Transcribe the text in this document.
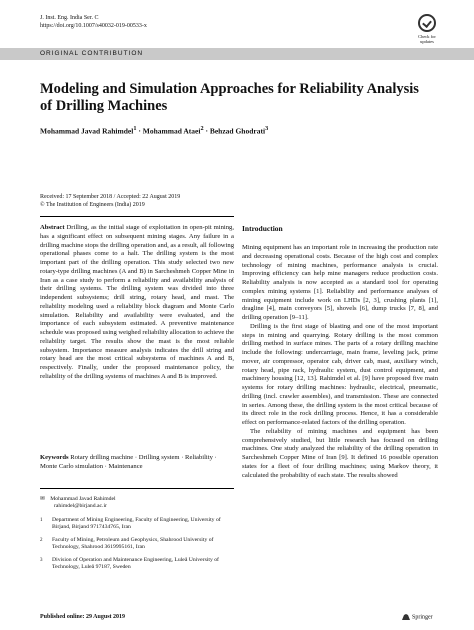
J. Inst. Eng. India Ser. C
https://doi.org/10.1007/s40032-019-00533-x
Check for updates
ORIGINAL CONTRIBUTION
Modeling and Simulation Approaches for Reliability Analysis of Drilling Machines
Mohammad Javad Rahimdel$^1$ · Mohammad Ataei$^2$ · Behzad Ghodrati$^3$
Received: 17 September 2018 / Accepted: 22 August 2019
© The Institution of Engineers (India) 2019
Abstract Drilling, as the initial stage of exploitation in open-pit mining, has a significant effect on subsequent mining stages. Any failure in a drilling machine stops the drilling operation and, as a result, all following operational phases come to a halt. The drilling system is the most important part of the drilling operation. This study selected two new rotary-type drilling machines (A and B) in Sarcheshmeh Copper Mine in Iran as a case study to perform a reliability and availability analysis of their drilling systems. The drilling system was divided into three independent subsystems; drill string, rotary head, and mast. The reliability modeling used a reliability block diagram and Monte Carlo simulation. Reliability and availability were evaluated, and the importance of each subsystem estimated. A preventive maintenance schedule was proposed using weighed reliability allocation to achieve the reliability target. The results show the mast is the most reliable subsystem. Importance measure analysis indicates the drill string and rotary head are the most critical subsystems of machines A and B, respectively. Finally, under the proposed maintenance policy, the reliability of the drilling systems of machines A and B is improved.
Keywords Rotary drilling machine · Drilling system · Reliability · Monte Carlo simulation · Maintenance
✉ Mohammad Javad Rahimdel
rahimdel@birjand.ac.ir
1 Department of Mining Engineering, Faculty of Engineering, University of Birjand, Birjand 9717434765, Iran
2 Faculty of Mining, Petroleum and Geophysics, Shahrood University of Technology, Shahrood 3619995161, Iran
3 Division of Operation and Maintenance Engineering, Luleå University of Technology, Luleå 97187, Sweden
Introduction

Mining equipment has an important role in increasing the production rate and decreasing operational costs. Because of the high cost and complex technology of mining machines, performance analysis is crucial. Improving efficiency can help mine managers reduce production costs. Reliability analysis is now accepted as a standard tool for operating complex mining systems [1]. Reliability and performance analyses of mining equipment include work on LHDs [2, 3], crushing plants [1], dragline [4], main conveyors [5], shovels [6], dump trucks [7, 8], and drilling operation [9–11].

Drilling is the first stage of blasting and one of the most important steps in mining and quarrying. Rotary drilling is the most common drilling method in surface mines. The parts of a rotary drilling machine include the following: undercarriage, main frame, leveling jack, prime mover, air compressor, operator cab, driver cab, mast, auxiliary winch, rotary head, pipe rack, hydraulic system, dust control equipment, and machinery housing [12, 13]. Rahimdel et al. [9] have proposed five main systems for rotary drilling machines: hydraulic, electrical, pneumatic, drilling (incl. crawler assembles), and transmission. These are connected in series. Among these, the drilling system is the most critical because of its direct role in the rock drilling process. Hence, it has a considerable effect on performance-related factors of the drilling operation.

The reliability of mining machines and equipment has been comprehensively studied, but little research has focused on drilling machines. One study analyzed the reliability of the drilling operation in Sarcheshmeh Copper Mine of Iran [9]. It defined 16 possible operation states for a fleet of four drilling machines; using Markov theory, it calculated the probability of each state. The results showed

Published online: 29 August 2019	Springer
